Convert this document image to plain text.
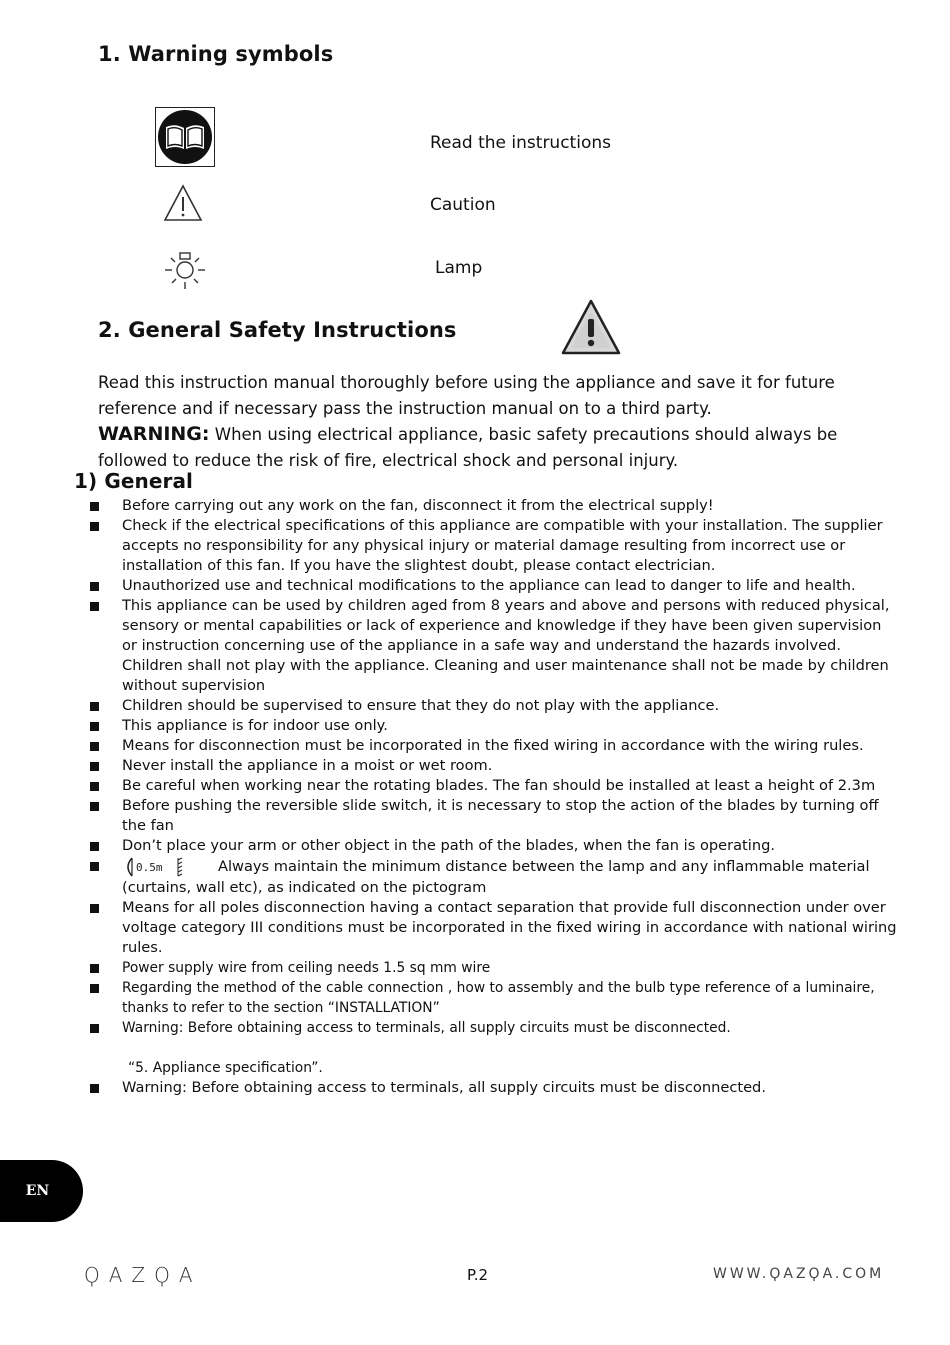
1. Warning symbols
Read the instructions
Caution
Lamp
2. General Safety Instructions
Read this instruction manual thoroughly before using the appliance and save it for future reference and if necessary pass the instruction manual on to a third party.
WARNING: When using electrical appliance, basic safety precautions should always be followed to reduce the risk of fire, electrical shock and personal injury.
1) General
Before carrying out any work on the fan, disconnect it from the electrical supply!
Check if the electrical specifications of this appliance are compatible with your installation. The supplier accepts no responsibility for any physical injury or material damage resulting from incorrect use or installation of this fan. If you have the slightest doubt, please contact electrician.
Unauthorized use and technical modifications to the appliance can lead to danger to life and health.
This appliance can be used by children aged from 8 years and above and persons with reduced physical, sensory or mental capabilities or lack of experience and knowledge if they have been given supervision or instruction concerning use of the appliance in a safe way and understand the hazards involved. Children shall not play with the appliance. Cleaning and user maintenance shall not be made by children without supervision
Children should be supervised to ensure that they do not play with the appliance.
This appliance is for indoor use only.
Means for disconnection must be incorporated in the fixed wiring in accordance with the wiring rules.
Never install the appliance in a moist or wet room.
Be careful when working near the rotating blades. The fan should be installed at least a height of 2.3m
Before pushing the reversible slide switch, it is necessary to stop the action of the blades by turning off the fan
Don’t place your arm or other object in the path of the blades, when the fan is operating.
0.5m	Always maintain the minimum distance between the lamp and any inflammable material (curtains, wall etc), as indicated on the pictogram
Means for all poles disconnection having a contact separation that provide full disconnection under over voltage category III conditions must be incorporated in the fixed wiring in accordance with national wiring rules.
Power supply wire from ceiling needs 1.5 sq mm wire
Regarding the method of the cable connection , how to assembly and the bulb type reference of a luminaire, thanks to refer to the section “INSTALLATION”
Warning: Before obtaining access to terminals, all supply circuits must be disconnected.
“5. Appliance specification”.
Warning: Before obtaining access to terminals, all supply circuits must be disconnected.
EN
ϘAZϘA	P.2	WWW.ϘAZϘA.COM
